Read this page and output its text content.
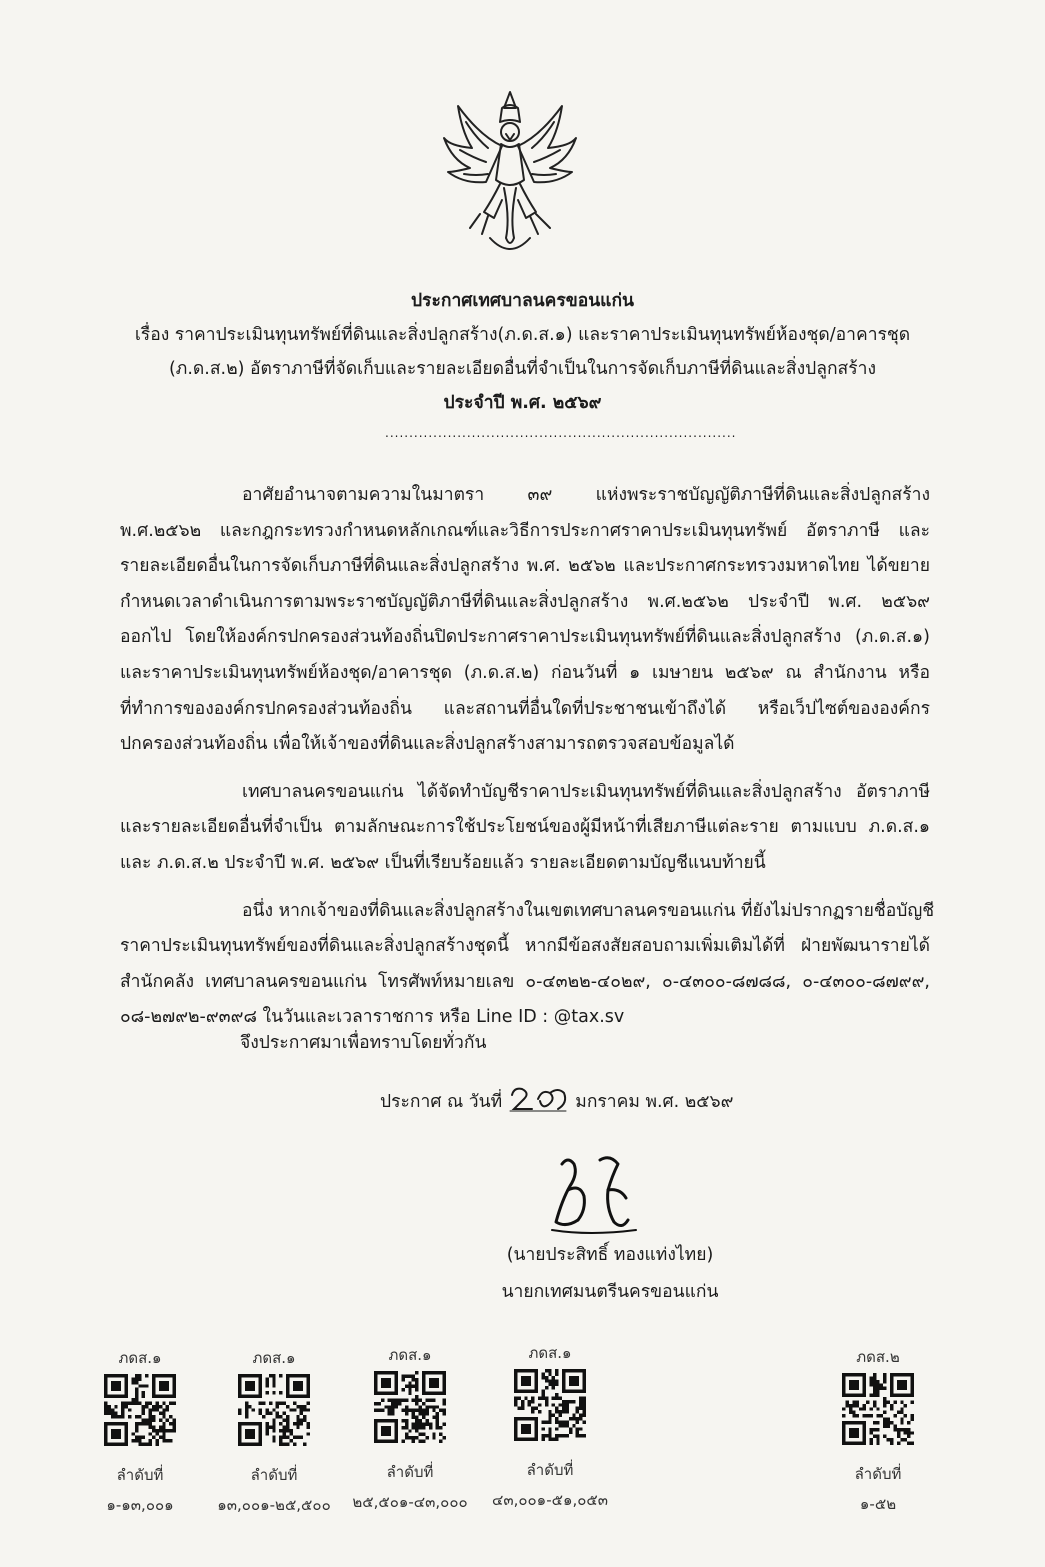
ประกาศเทศบาลนครขอนแก่น
เรื่อง ราคาประเมินทุนทรัพย์ที่ดินและสิ่งปลูกสร้าง(ภ.ด.ส.๑) และราคาประเมินทุนทรัพย์ห้องชุด/อาคารชุด
(ภ.ด.ส.๒) อัตราภาษีที่จัดเก็บและรายละเอียดอื่นที่จำเป็นในการจัดเก็บภาษีที่ดินและสิ่งปลูกสร้าง
ประจำปี พ.ศ. ๒๕๖๙
.........................................................................
อาศัยอำนาจตามความในมาตรา ๓๙ แห่งพระราชบัญญัติภาษีที่ดินและสิ่งปลูกสร้าง
พ.ศ.๒๕๖๒ และกฎกระทรวงกำหนดหลักเกณฑ์และวิธีการประกาศราคาประเมินทุนทรัพย์ อัตราภาษี และ
รายละเอียดอื่นในการจัดเก็บภาษีที่ดินและสิ่งปลูกสร้าง พ.ศ. ๒๕๖๒ และประกาศกระทรวงมหาดไทย ได้ขยาย
กำหนดเวลาดำเนินการตามพระราชบัญญัติภาษีที่ดินและสิ่งปลูกสร้าง พ.ศ.๒๕๖๒ ประจำปี พ.ศ. ๒๕๖๙
ออกไป โดยให้องค์กรปกครองส่วนท้องถิ่นปิดประกาศราคาประเมินทุนทรัพย์ที่ดินและสิ่งปลูกสร้าง (ภ.ด.ส.๑)
และราคาประเมินทุนทรัพย์ห้องชุด/อาคารชุด (ภ.ด.ส.๒) ก่อนวันที่ ๑ เมษายน ๒๕๖๙ ณ สำนักงาน หรือ
ที่ทำการขององค์กรปกครองส่วนท้องถิ่น และสถานที่อื่นใดที่ประชาชนเข้าถึงได้ หรือเว็ปไซต์ขององค์กร
ปกครองส่วนท้องถิ่น เพื่อให้เจ้าของที่ดินและสิ่งปลูกสร้างสามารถตรวจสอบข้อมูลได้
เทศบาลนครขอนแก่น ได้จัดทำบัญชีราคาประเมินทุนทรัพย์ที่ดินและสิ่งปลูกสร้าง อัตราภาษี
และรายละเอียดอื่นที่จำเป็น ตามลักษณะการใช้ประโยชน์ของผู้มีหน้าที่เสียภาษีแต่ละราย ตามแบบ ภ.ด.ส.๑
และ ภ.ด.ส.๒ ประจำปี พ.ศ. ๒๕๖๙ เป็นที่เรียบร้อยแล้ว รายละเอียดตามบัญชีแนบท้ายนี้
อนึ่ง หากเจ้าของที่ดินและสิ่งปลูกสร้างในเขตเทศบาลนครขอนแก่น ที่ยังไม่ปรากฏรายชื่อบัญชี
ราคาประเมินทุนทรัพย์ของที่ดินและสิ่งปลูกสร้างชุดนี้ หากมีข้อสงสัยสอบถามเพิ่มเติมได้ที่ ฝ่ายพัฒนารายได้
สำนักคลัง เทศบาลนครขอนแก่น โทรศัพท์หมายเลข ๐-๔๓๒๒-๔๐๒๙, ๐-๔๓๐๐-๘๗๘๘, ๐-๔๓๐๐-๘๗๙๙,
๐๘-๒๗๙๒-๙๓๙๘ ในวันและเวลาราชการ หรือ Line ID : @tax.sv
จึงประกาศมาเพื่อทราบโดยทั่วกัน
ประกาศ ณ วันที่	มกราคม พ.ศ. ๒๕๖๙
(นายประสิทธิ์ ทองแท่งไทย)
นายกเทศมนตรีนครขอนแก่น
ภดส.๑
ลำดับที่
๑-๑๓,๐๐๑
ภดส.๑
ลำดับที่
๑๓,๐๐๑-๒๕,๕๐๐
ภดส.๑
ลำดับที่
๒๕,๕๐๑-๔๓,๐๐๐
ภดส.๑
ลำดับที่
๔๓,๐๐๑-๕๑,๐๕๓
ภดส.๒
ลำดับที่
๑-๕๒
